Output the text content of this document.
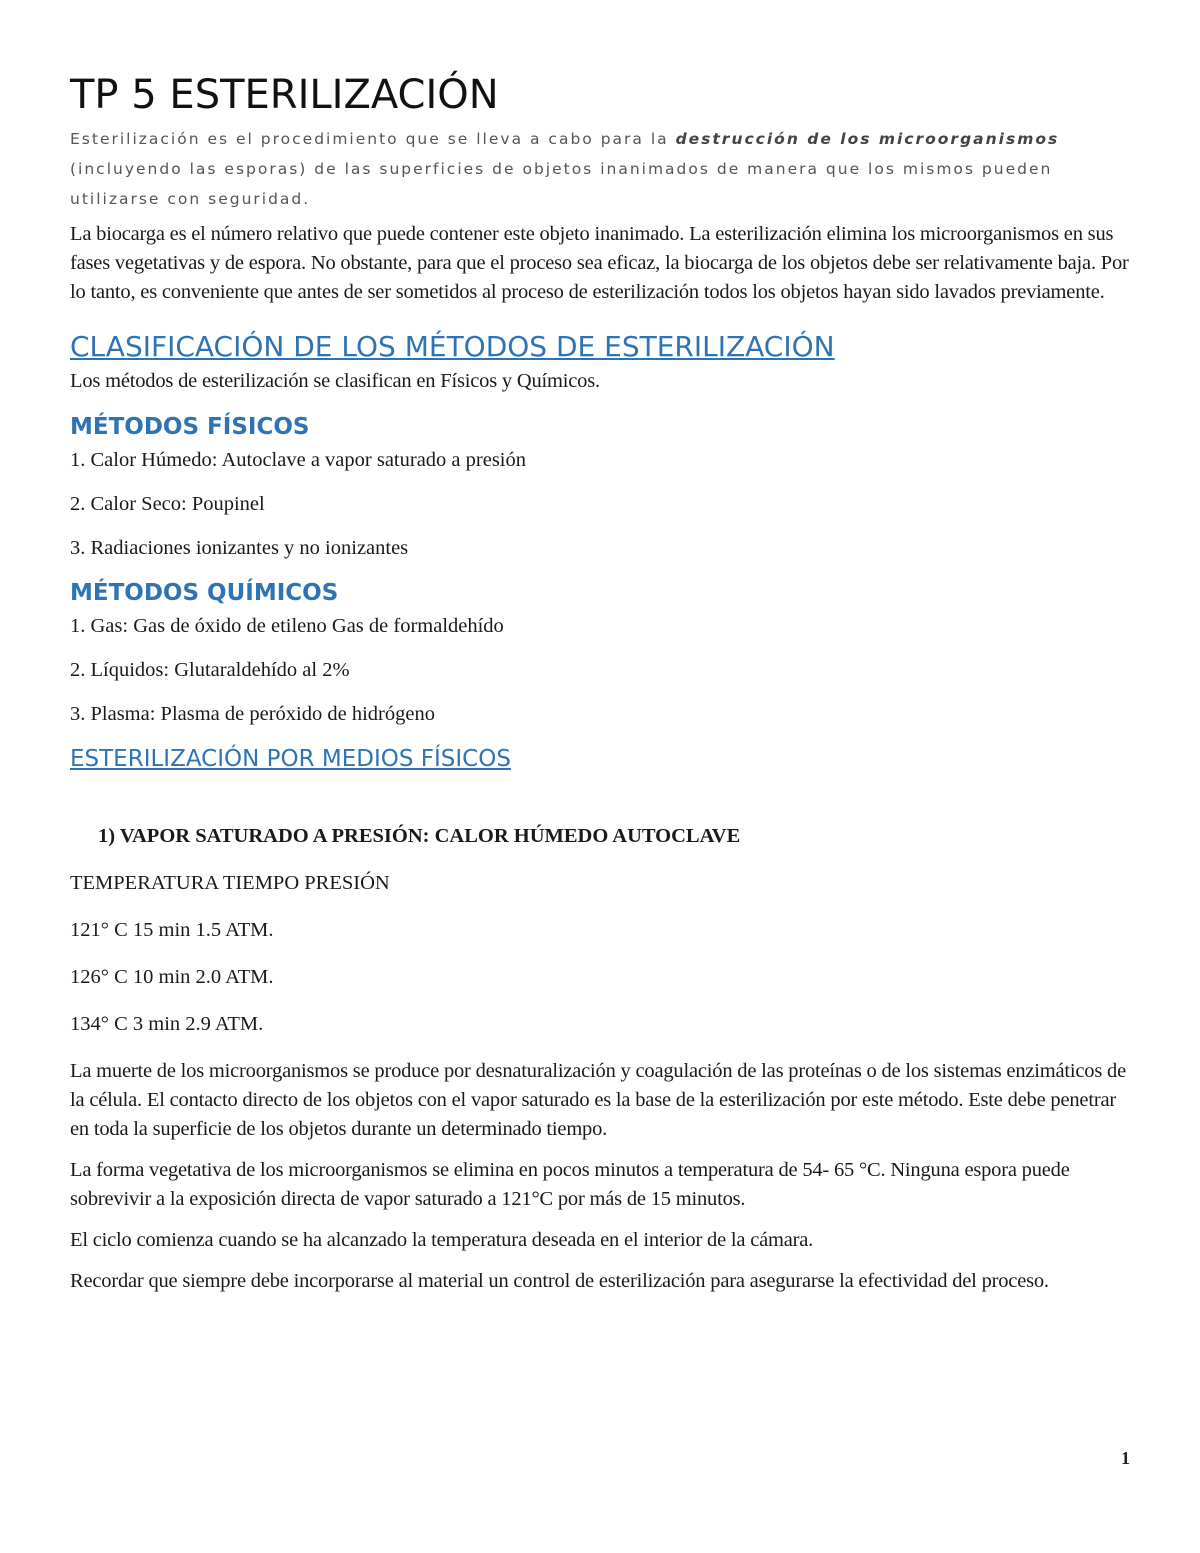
TP 5 ESTERILIZACIÓN

Esterilización es el procedimiento que se lleva a cabo para la destrucción de los microorganismos (incluyendo las esporas) de las superficies de objetos inanimados de manera que los mismos pueden utilizarse con seguridad.

La biocarga es el número relativo que puede contener este objeto inanimado. La esterilización elimina los microorganismos en sus fases vegetativas y de espora. No obstante, para que el proceso sea eficaz, la biocarga de los objetos debe ser relativamente baja. Por lo tanto, es conveniente que antes de ser sometidos al proceso de esterilización todos los objetos hayan sido lavados previamente.

CLASIFICACIÓN DE LOS MÉTODOS DE ESTERILIZACIÓN

Los métodos de esterilización se clasifican en Físicos y Químicos.

MÉTODOS FÍSICOS

1. Calor Húmedo: Autoclave a vapor saturado a presión

2. Calor Seco: Poupinel

3. Radiaciones ionizantes y no ionizantes

MÉTODOS QUÍMICOS

1. Gas: Gas de óxido de etileno Gas de formaldehído

2. Líquidos: Glutaraldehído al 2%

3. Plasma: Plasma de peróxido de hidrógeno

ESTERILIZACIÓN POR MEDIOS FÍSICOS
1) VAPOR SATURADO A PRESIÓN: CALOR HÚMEDO AUTOCLAVE

TEMPERATURA TIEMPO PRESIÓN

121° C 15 min 1.5 ATM.

126° C 10 min 2.0 ATM.

134° C 3 min 2.9 ATM.

La muerte de los microorganismos se produce por desnaturalización y coagulación de las proteínas o de los sistemas enzimáticos de la célula. El contacto directo de los objetos con el vapor saturado es la base de la esterilización por este método. Este debe penetrar en toda la superficie de los objetos durante un determinado tiempo.

La forma vegetativa de los microorganismos se elimina en pocos minutos a temperatura de 54- 65 °C. Ninguna espora puede sobrevivir a la exposición directa de vapor saturado a 121°C por más de 15 minutos.

El ciclo comienza cuando se ha alcanzado la temperatura deseada en el interior de la cámara.

Recordar que siempre debe incorporarse al material un control de esterilización para asegurarse la efectividad del proceso.

1
